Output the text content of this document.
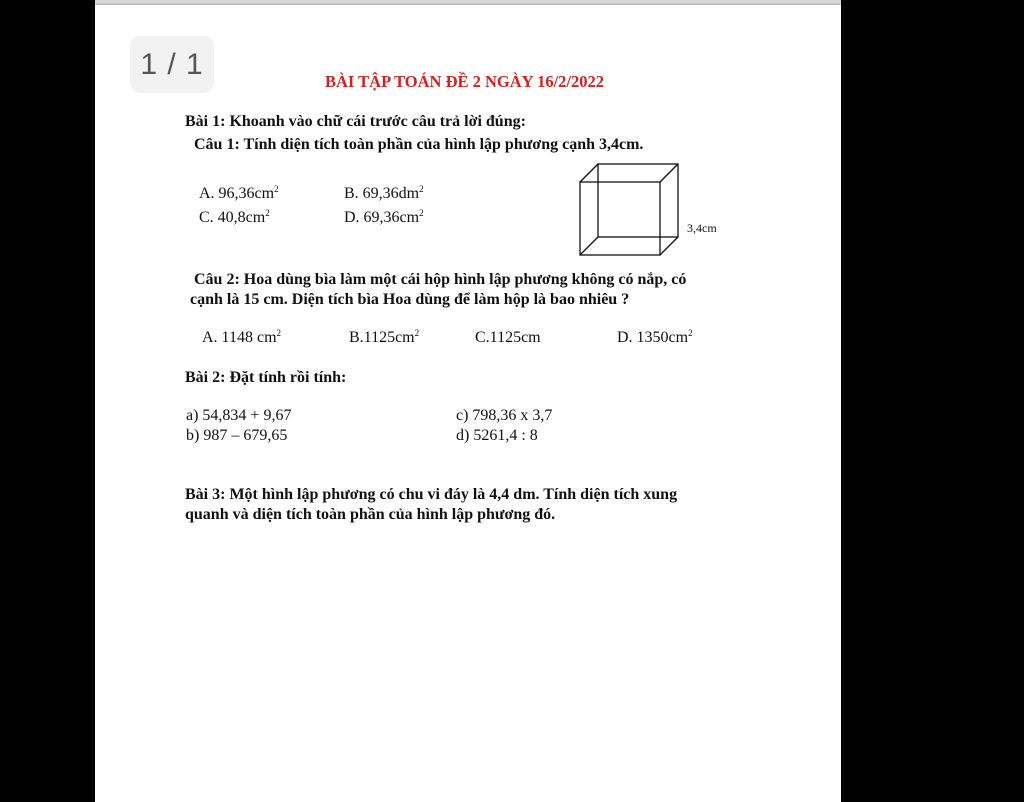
1 / 1
BÀI TẬP TOÁN ĐỀ 2 NGÀY 16/2/2022
Bài 1: Khoanh vào chữ cái trước câu trả lời đúng:
Câu 1: Tính diện tích toàn phần của hình lập phương cạnh 3,4cm.
A. $96,36cm^2$	B. $69,36dm^2$
C. $40,8cm^2$	D. $69,36cm^2$
3,4cm
Câu 2: Hoa dùng bìa làm một cái hộp hình lập phương không có nắp, có
cạnh là 15 cm. Diện tích bìa Hoa dùng để làm hộp là bao nhiêu ?
A. 1148 $cm^2$	$B.1125cm^2$	C.1125cm	D. $1350cm^2$
Bài 2: Đặt tính rồi tính:
a) 54,834 + 9,67
b) 987 – 679,65
c) 798,36 x 3,7
d) 5261,4 : 8
Bài 3: Một hình lập phương có chu vi đáy là 4,4 dm. Tính diện tích xung
quanh và diện tích toàn phần của hình lập phương đó.
